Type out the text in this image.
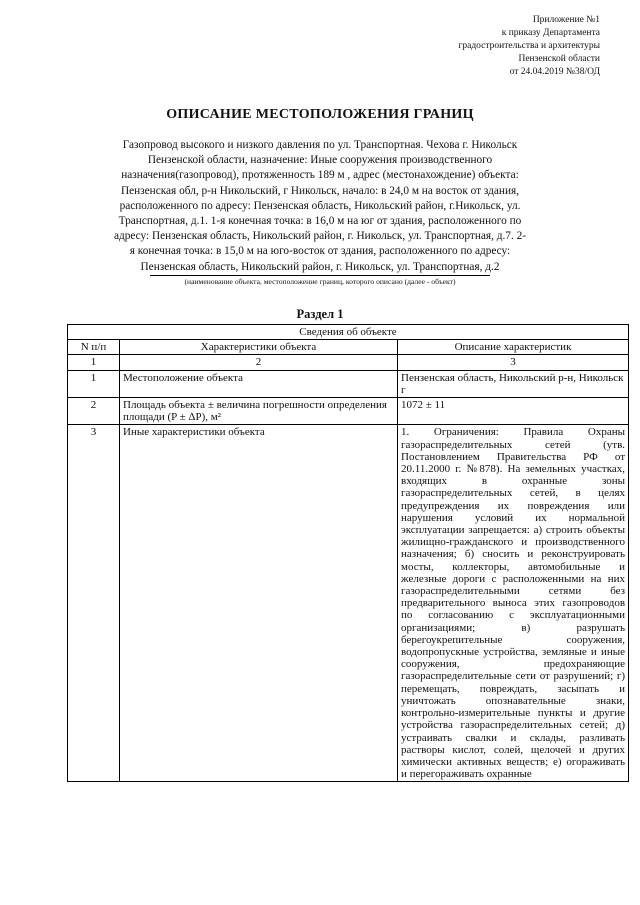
Приложение №1
к приказу Департамента
градостроительства и архитектуры
Пензенской области
от 24.04.2019 №38/ОД
ОПИСАНИЕ МЕСТОПОЛОЖЕНИЯ ГРАНИЦ
Газопровод высокого и низкого давления по ул. Транспортная. Чехова г. Никольск Пензенской области, назначение: Иные сооружения производственного назначения(газопровод), протяженность 189 м , адрес (местонахождение) объекта: Пензенская обл, р-н Никольский, г Никольск, начало: в 24,0 м на восток от здания, расположенного по адресу: Пензенская область, Никольский район, г.Никольск, ул. Транспортная, д.1. 1-я конечная точка: в 16,0 м на юг от здания, расположенного по адресу: Пензенская область, Никольский район, г. Никольск, ул. Транспортная, д.7. 2-я конечная точка: в 15,0 м на юго-восток от здания, расположенного по адресу: Пензенская область, Никольский район, г. Никольск, ул. Транспортная, д.2
(наименование объекта, местоположение границ, которого описано (далее - объект)
Раздел 1
Сведения об объекте		
N п/п	Характеристики объекта	Описание характеристик
1	2	3
1	Местоположение объекта	Пензенская область, Никольский р-н, Никольск г
2	Площадь объекта ± величина погрешности определения площади (P ± ΔP), м²	1072 ± 11
3	Иные характеристики объекта	1. Ограничения: Правила Охраны газораспределительных сетей (утв. Постановлением Правительства РФ от 20.11.2000 г. №878). На земельных участках, входящих в охранные зоны газораспределительных сетей, в целях предупреждения их повреждения или нарушения условий их нормальной эксплуатации запрещается: а) строить объекты жилищно-гражданского и производственного назначения; б) сносить и реконструировать мосты, коллекторы, автомобильные и железные дороги с расположенными на них газораспределительными сетями без предварительного выноса этих газопроводов по согласованию с эксплуатационными организациями; в) разрушать берегоукрепительные сооружения, водопропускные устройства, земляные и иные сооружения, предохраняющие газораспределительные сети от разрушений; г) перемещать, повреждать, засыпать и уничтожать опознавательные знаки, контрольно-измерительные пункты и другие устройства газораспределительных сетей; д) устраивать свалки и склады, разливать растворы кислот, солей, щелочей и других химически активных веществ; е) огораживать и перегораживать охранные
